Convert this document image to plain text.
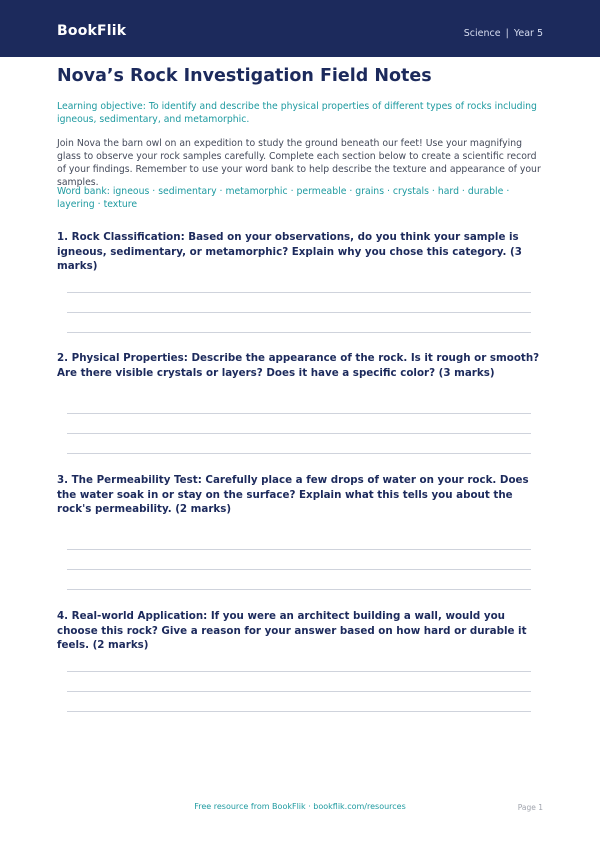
BookFlik	Science | Year 5
Nova’s Rock Investigation Field Notes

Learning objective: To identify and describe the physical properties of different types of rocks including igneous, sedimentary, and metamorphic.

Join Nova the barn owl on an expedition to study the ground beneath our feet! Use your magnifying glass to observe your rock samples carefully. Complete each section below to create a scientific record of your findings. Remember to use your word bank to help describe the texture and appearance of your samples.

Word bank: igneous · sedimentary · metamorphic · permeable · grains · crystals · hard · durable · layering · texture

1. Rock Classification: Based on your observations, do you think your sample is igneous, sedimentary, or metamorphic? Explain why you chose this category. (3 marks)
2. Physical Properties: Describe the appearance of the rock. Is it rough or smooth? Are there visible crystals or layers? Does it have a specific color? (3 marks)
3. The Permeability Test: Carefully place a few drops of water on your rock. Does the water soak in or stay on the surface? Explain what this tells you about the rock's permeability. (2 marks)
4. Real-world Application: If you were an architect building a wall, would you choose this rock? Give a reason for your answer based on how hard or durable it feels. (2 marks)
Free resource from BookFlik · bookflik.com/resources	Page 1
